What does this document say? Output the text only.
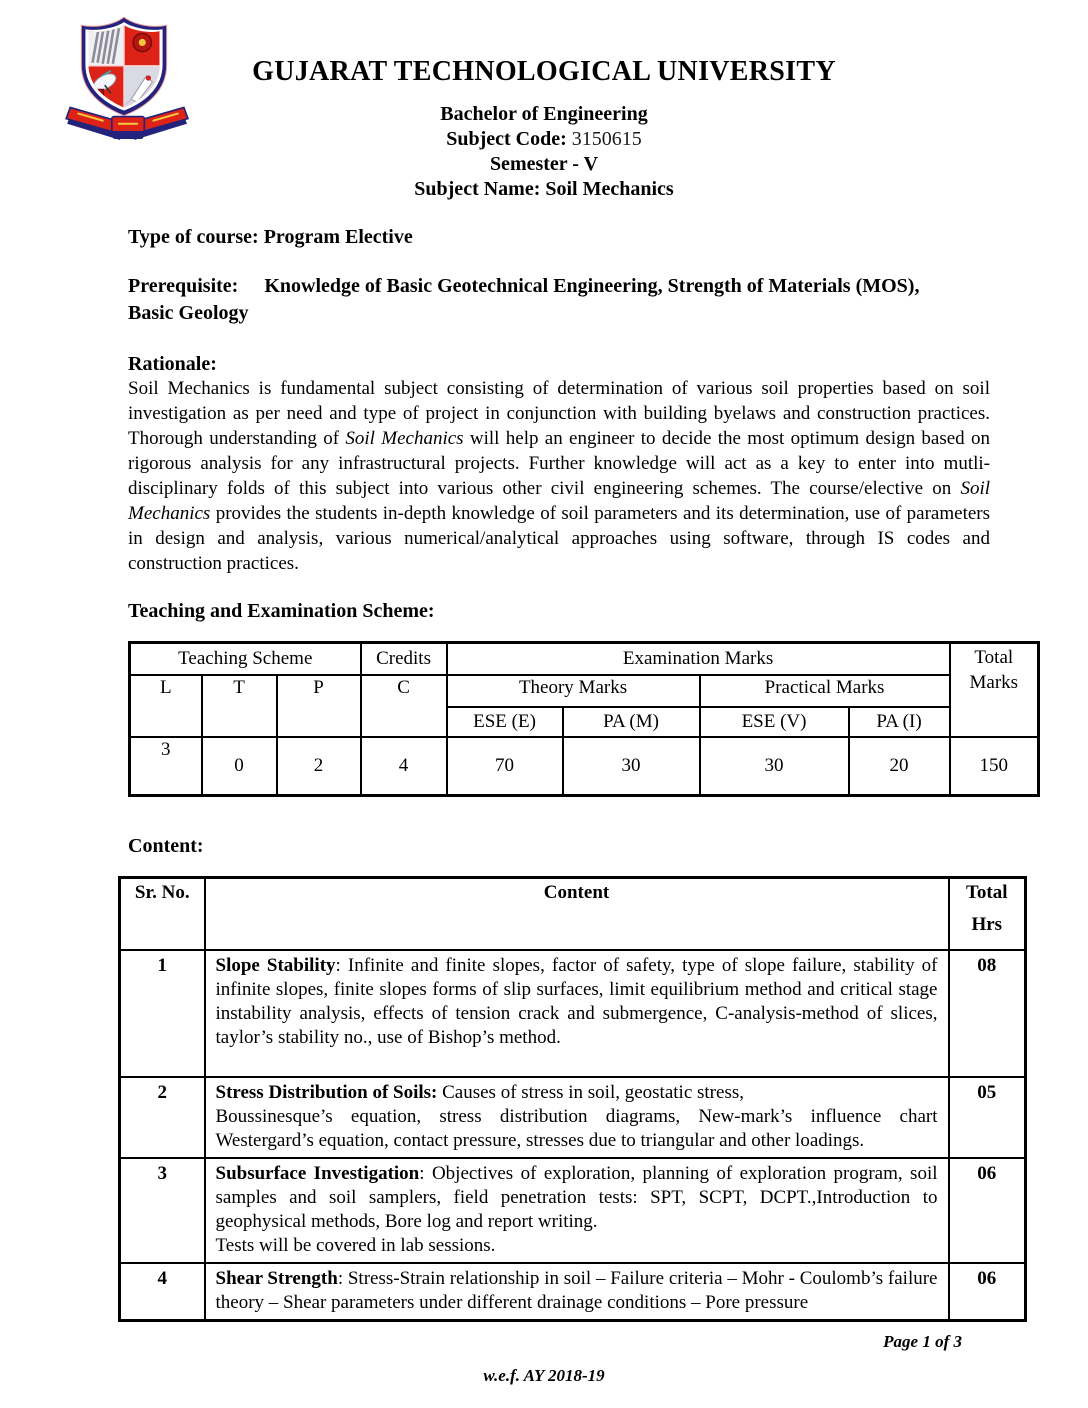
GUJARAT TECHNOLOGICAL UNIVERSITY
Bachelor of Engineering
Subject Code: 3150615
Semester - V
Subject Name: Soil Mechanics
Type of course: Program Elective
Prerequisite: Knowledge of Basic Geotechnical Engineering, Strength of Materials (MOS),
Basic Geology
Rationale:
Soil Mechanics is fundamental subject consisting of determination of various soil properties based on soil investigation as per need and type of project in conjunction with building byelaws and construction practices. Thorough understanding of Soil Mechanics will help an engineer to decide the most optimum design based on rigorous analysis for any infrastructural projects. Further knowledge will act as a key to enter into mutli-disciplinary folds of this subject into various other civil engineering schemes. The course/elective on Soil Mechanics provides the students in-depth knowledge of soil parameters and its determination, use of parameters in design and analysis, various numerical/analytical approaches using software, through IS codes and construction practices.
Teaching and Examination Scheme:
Teaching Scheme			Credits	Examination Marks				Total Marks
L	T	P	C	Theory Marks		Practical Marks		
				ESE (E)	PA (M)	ESE (V)	PA (I)	
3	0	2	4	70	30	30	20	150
Content:
Sr. No.	Content	Total
Hrs

1	Slope Stability: Infinite and finite slopes, factor of safety, type of slope failure, stability of infinite slopes, finite slopes forms of slip surfaces, limit equilibrium method and critical stage instability analysis, effects of tension crack and submergence, C-analysis-method of slices, taylor’s stability no., use of Bishop’s method.	08
2	Stress Distribution of Soils: Causes of stress in soil, geostatic stress,
Boussinesque’s equation, stress distribution diagrams, New-mark’s influence chart Westergard’s equation, contact pressure, stresses due to triangular and other loadings.	05
3	Subsurface Investigation: Objectives of exploration, planning of exploration program, soil samples and soil samplers, field penetration tests: SPT, SCPT, DCPT.,Introduction to geophysical methods, Bore log and report writing.
Tests will be covered in lab sessions.	06
4	Shear Strength: Stress-Strain relationship in soil – Failure criteria – Mohr - Coulomb’s failure theory – Shear parameters under different drainage conditions – Pore pressure	06
Page 1 of 3
w.e.f. AY 2018-19
